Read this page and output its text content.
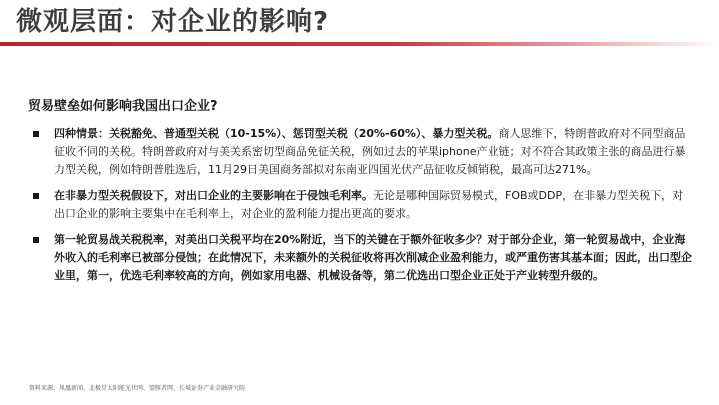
微观层面：对企业的影响?
贸易壁垒如何影响我国出口企业?
四种情景：关税豁免、普通型关税（10-15%）、惩罚型关税（20%-60%）、暴力型关税。商人思维下，特朗普政府对不同型商品征收不同的关税。特朗普政府对与美关系密切型商品免征关税，例如过去的苹果iphone产业链；对不符合其政策主张的商品进行暴力型关税，例如特朗普胜选后，11月29日美国商务部拟对东南亚四国光伏产品征收反倾销税，最高可达271%。
在非暴力型关税假设下，对出口企业的主要影响在于侵蚀毛利率。无论是哪种国际贸易模式，FOB或DDP，在非暴力型关税下，对出口企业的影响主要集中在毛利率上，对企业的盈利能力提出更高的要求。
第一轮贸易战关税税率，对美出口关税平均在20%附近，当下的关键在于额外征收多少？对于部分企业，第一轮贸易战中，企业海外收入的毛利率已被部分侵蚀；在此情况下，未来额外的关税征收将再次削减企业盈利能力，或严重伤害其基本面；因此，出口型企业里，第一，优选毛利率较高的方向，例如家用电器、机械设备等，第二优选出口型企业正处于产业转型升级的。
资料来源：凤凰新闻、北极星太阳能光伏网、盟豚者网、长城证券产业金融研究院
